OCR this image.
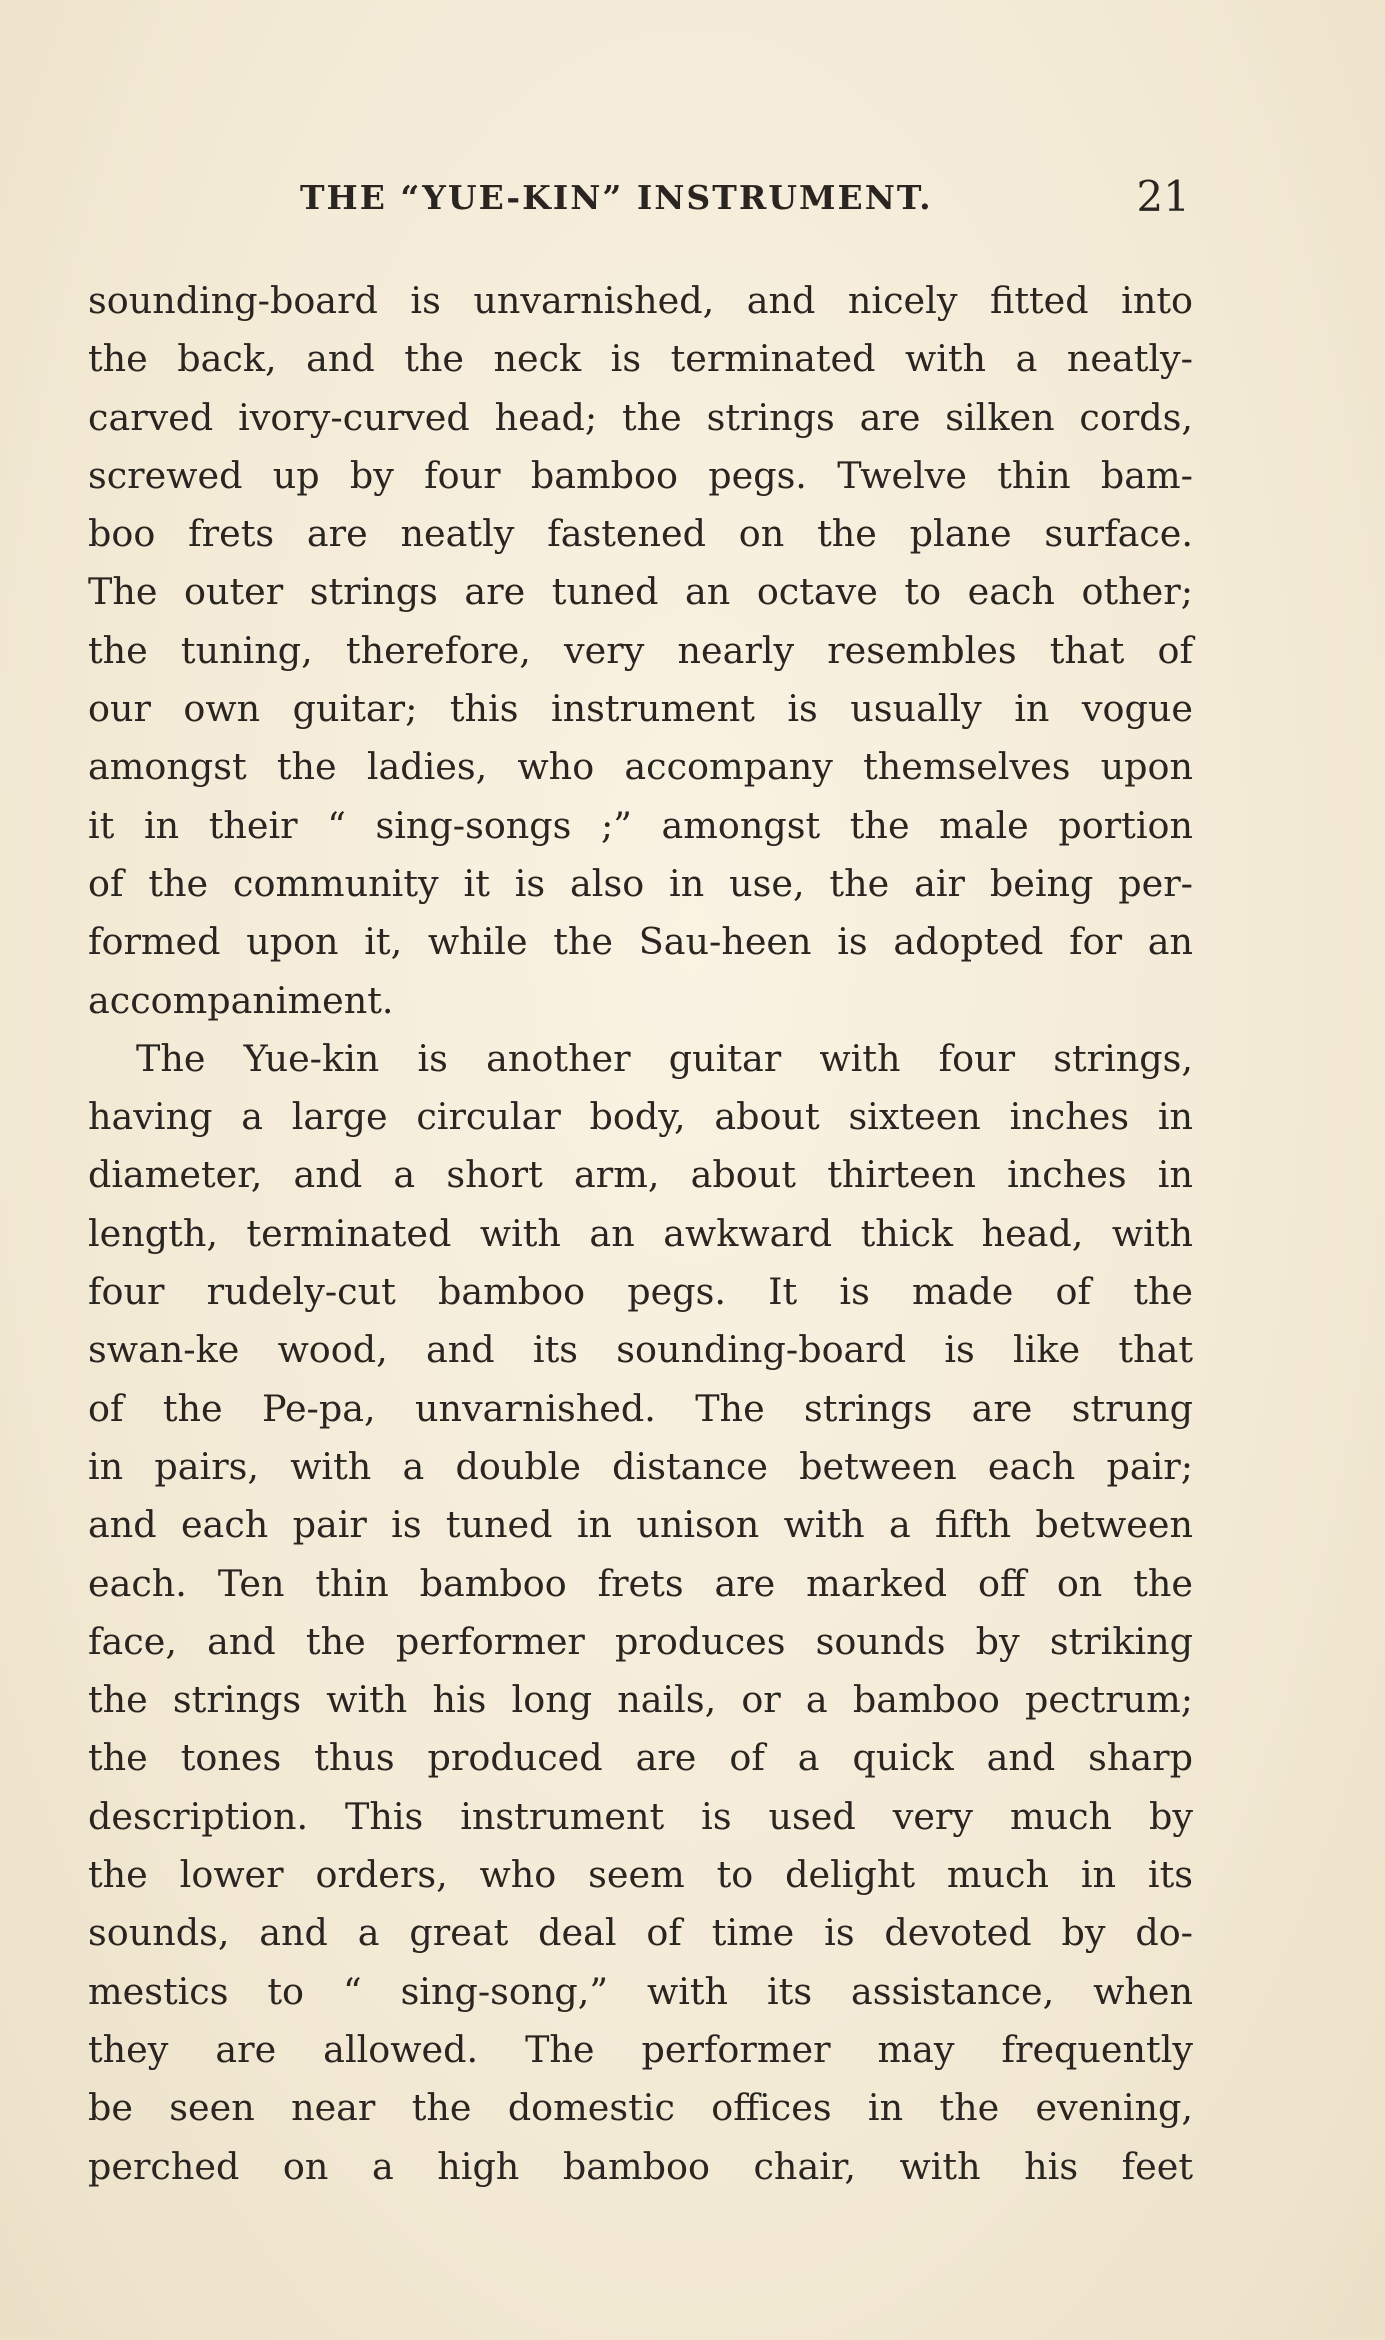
THE “YUE-KIN” INSTRUMENT.	21
sounding-board is unvarnished, and nicely fitted into
the back, and the neck is terminated with a neatly-
carved ivory-curved head; the strings are silken cords,
screwed up by four bamboo pegs. Twelve thin bam-
boo frets are neatly fastened on the plane surface.
The outer strings are tuned an octave to each other;
the tuning, therefore, very nearly resembles that of
our own guitar; this instrument is usually in vogue
amongst the ladies, who accompany themselves upon
it in their “ sing-songs ;” amongst the male portion
of the community it is also in use, the air being per-
formed upon it, while the Sau-heen is adopted for an
accompaniment.
The Yue-kin is another guitar with four strings,
having a large circular body, about sixteen inches in
diameter, and a short arm, about thirteen inches in
length, terminated with an awkward thick head, with
four rudely-cut bamboo pegs. It is made of the
swan-ke wood, and its sounding-board is like that
of the Pe-pa, unvarnished. The strings are strung
in pairs, with a double distance between each pair;
and each pair is tuned in unison with a fifth between
each. Ten thin bamboo frets are marked off on the
face, and the performer produces sounds by striking
the strings with his long nails, or a bamboo pectrum;
the tones thus produced are of a quick and sharp
description. This instrument is used very much by
the lower orders, who seem to delight much in its
sounds, and a great deal of time is devoted by do-
mestics to “ sing-song,” with its assistance, when
they are allowed. The performer may frequently
be seen near the domestic offices in the evening,
perched on a high bamboo chair, with his feet
